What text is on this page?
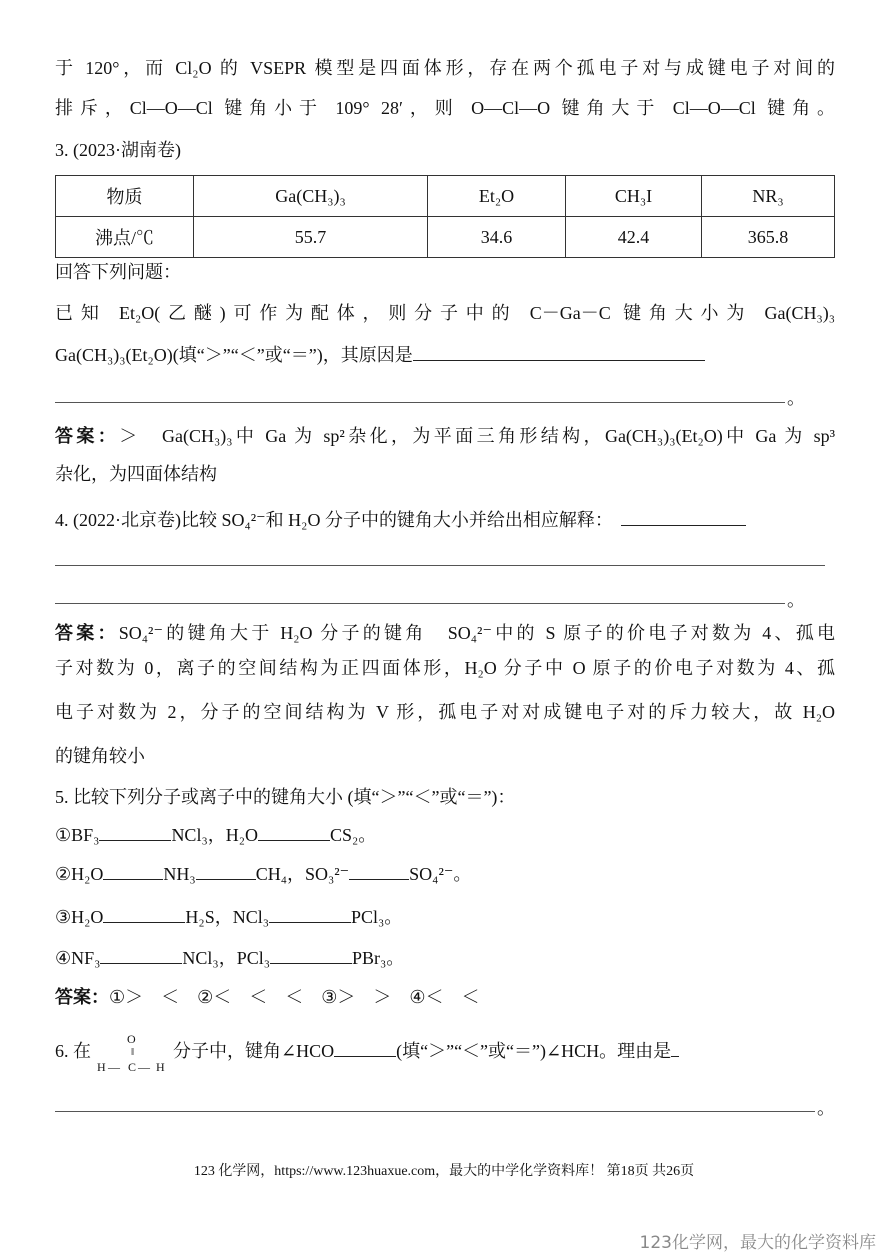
于 120°，而 Cl₂O 的 VSEPR 模型是四面体形，存在两个孤电子对与成键电子对间的
排斥，Cl—O—Cl 键角小于 109° 28′，则 O—Cl—O 键角大于 Cl—O—Cl 键角。
3. (2023·湖南卷)
物质	Ga(CH₃)₃	Et₂O	CH₃I	NR₃
沸点/℃	55.7	34.6	42.4	365.8
回答下列问题：
已知 Et₂O(乙醚)可作为配体，则分子中的 C－Ga－C 键角大小为 Ga(CH₃)₃
Ga(CH₃)₃(Et₂O)(填“＞”“＜”或“＝”)，其原因是
。
答案：＞　Ga(CH₃)₃中 Ga 为 sp²杂化，为平面三角形结构，Ga(CH₃)₃(Et₂O)中 Ga 为 sp³
杂化，为四面体结构
4. (2022·北京卷)比较 SO₄²⁻和 H₂O 分子中的键角大小并给出相应解释：
。
答案：SO₄²⁻的键角大于 H₂O 分子的键角　SO₄²⁻中的 S 原子的价电子对数为 4、孤电
子对数为 0，离子的空间结构为正四面体形，H₂O 分子中 O 原子的价电子对数为 4、孤
电子对数为 2，分子的空间结构为 V 形，孤电子对对成键电子对的斥力较大，故 H₂O
的键角较小
5. 比较下列分子或离子中的键角大小 (填“＞”“＜”或“＝”)：
①BF₃	NCl₃，H₂O	CS₂。
②H₂O	NH₃	CH₄，SO₃²⁻	SO₄²⁻。
③H₂O	H₂S，NCl₃	PCl₃。
④NF₃	NCl₃，PCl₃	PBr₃。
答案：①＞　＜　②＜　＜　＜　③＞　＞　④＜　＜
6. 在
O
‖
H — C — H
分子中，键角∠HCO	(填“＞”“＜”或“＝”)∠HCH。理由是
。
123 化学网，https://www.123huaxue.com，最大的中学化学资料库！ 第18页 共26页
123化学网，最大的化学资料库
